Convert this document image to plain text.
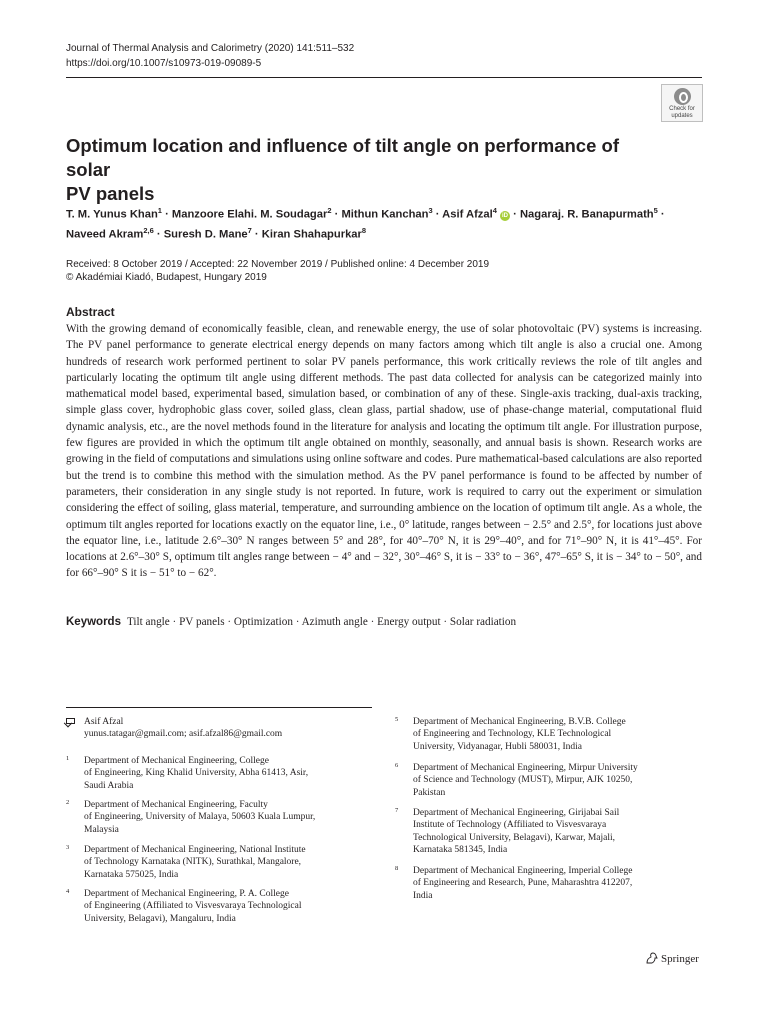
Journal of Thermal Analysis and Calorimetry (2020) 141:511–532
https://doi.org/10.1007/s10973-019-09089-5
Check for
updates
Optimum location and influence of tilt angle on performance of solar
PV panels
T. M. Yunus Khan$^1$ · Manzoore Elahi. M. Soudagar$^2$ · Mithun Kanchan$^3$ · Asif Afzal$^4$ iD · Nagaraj. R. Banapurmath$^5$ ·
Naveed Akram$^{2,6}$ · Suresh D. Mane$^7$ · Kiran Shahapurkar$^8$
Received: 8 October 2019 / Accepted: 22 November 2019 / Published online: 4 December 2019
© Akadémiai Kiadó, Budapest, Hungary 2019
Abstract
With the growing demand of economically feasible, clean, and renewable energy, the use of solar photovoltaic (PV) systems is increasing. The PV panel performance to generate electrical energy depends on many factors among which tilt angle is also a crucial one. Among hundreds of research work performed pertinent to solar PV panels performance, this work critically reviews the role of tilt angles and particularly locating the optimum tilt angle using different methods. The past data collected for analysis can be categorized mainly into mathematical model based, experimental based, simulation based, or combination of any of these. Single-axis tracking, dual-axis tracking, simple glass cover, hydrophobic glass cover, soiled glass, clean glass, partial shadow, use of phase-change material, computational fluid dynamic analysis, etc., are the novel methods found in the literature for analysis and locating the optimum tilt angle. For illustration purpose, few figures are provided in which the optimum tilt angle obtained on monthly, seasonally, and annual basis is shown. Research works are growing in the field of computations and simulations using online software and codes. Pure mathematical-based calculations are also reported but the trend is to combine this method with the simulation method. As the PV panel performance is found to be affected by number of parameters, their consideration in any single study is not reported. In future, work is required to carry out the experiment or simulation considering the effect of soiling, glass material, temperature, and surrounding ambience on the location of optimum tilt angle. As a whole, the optimum tilt angles reported for locations exactly on the equator line, i.e., 0° latitude, ranges between − 2.5° and 2.5°, for locations just above the equator line, i.e., latitude 2.6°–30° N ranges between 5° and 28°, for 40°–70° N, it is 29°–40°, and for 71°–90° N, it is 41°–45°. For locations at 2.6°–30° S, optimum tilt angles range between − 4° and − 32°, 30°–46° S, it is − 33° to − 36°, 47°–65° S, it is − 34° to − 50°, and for 66°–90° S it is − 51° to − 62°.
Keywords Tilt angle · PV panels · Optimization · Azimuth angle · Energy output · Solar radiation
Asif Afzal
yunus.tatagar@gmail.com; asif.afzal86@gmail.com
1 Department of Mechanical Engineering, College
of Engineering, King Khalid University, Abha 61413, Asir,
Saudi Arabia
2 Department of Mechanical Engineering, Faculty
of Engineering, University of Malaya, 50603 Kuala Lumpur,
Malaysia
3 Department of Mechanical Engineering, National Institute
of Technology Karnataka (NITK), Surathkal, Mangalore,
Karnataka 575025, India
4 Department of Mechanical Engineering, P. A. College
of Engineering (Affiliated to Visvesvaraya Technological
University, Belagavi), Mangaluru, India
5 Department of Mechanical Engineering, B.V.B. College
of Engineering and Technology, KLE Technological
University, Vidyanagar, Hubli 580031, India
6 Department of Mechanical Engineering, Mirpur University
of Science and Technology (MUST), Mirpur, AJK 10250,
Pakistan
7 Department of Mechanical Engineering, Girijabai Sail
Institute of Technology (Affiliated to Visvesvaraya
Technological University, Belagavi), Karwar, Majali,
Karnataka 581345, India
8 Department of Mechanical Engineering, Imperial College
of Engineering and Research, Pune, Maharashtra 412207,
India
Springer
